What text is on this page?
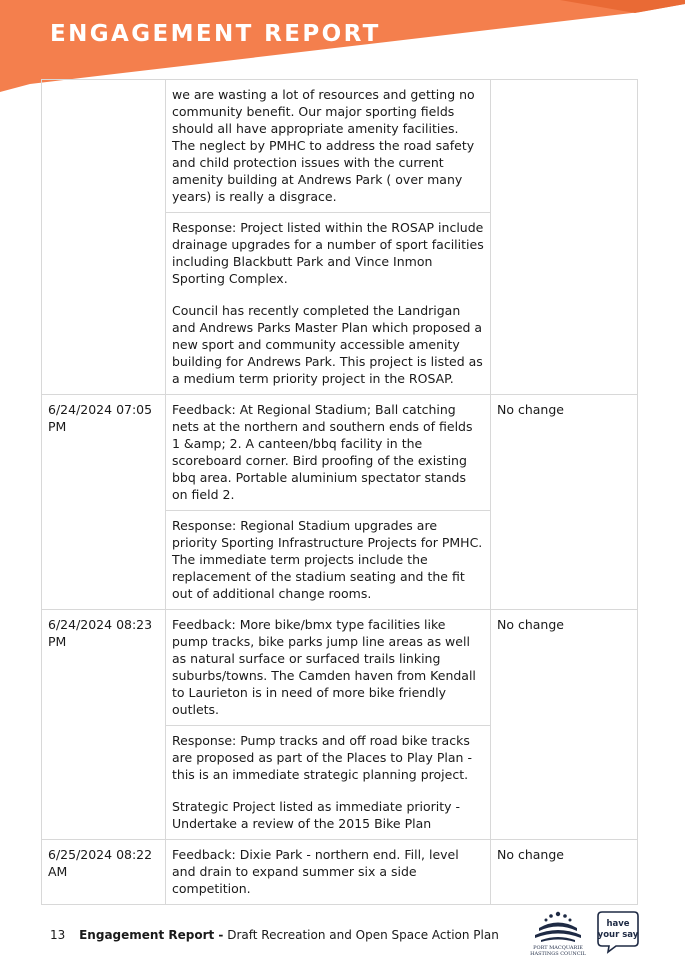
ENGAGEMENT REPORT

	we are wasting a lot of resources and getting no community benefit. Our major sporting fields should all have appropriate amenity facilities. The neglect by PMHC to address the road safety and child protection issues with the current amenity building at Andrews Park ( over many years) is really a disgrace.

Response: Project listed within the ROSAP include drainage upgrades for a number of sport facilities including Blackbutt Park and Vince Inmon Sporting Complex.

Council has recently completed the Landrigan and Andrews Parks Master Plan which proposed a new sport and community accessible amenity building for Andrews Park. This project is listed as a medium term priority project in the ROSAP.	

6/24/2024 07:05 PM	Feedback: At Regional Stadium; Ball catching nets at the northern and southern ends of fields 1 &amp; 2. A canteen/bbq facility in the scoreboard corner. Bird proofing of the existing bbq area. Portable aluminium spectator stands on field 2.

Response: Regional Stadium upgrades are priority Sporting Infrastructure Projects for PMHC. The immediate term projects include the replacement of the stadium seating and the fit out of additional change rooms.	No change

6/24/2024 08:23 PM	Feedback: More bike/bmx type facilities like pump tracks, bike parks jump line areas as well as natural surface or surfaced trails linking suburbs/towns. The Camden haven from Kendall to Laurieton is in need of more bike friendly outlets.

Response: Pump tracks and off road bike tracks are proposed as part of the Places to Play Plan - this is an immediate strategic planning project.

Strategic Project listed as immediate priority - Undertake a review of the 2015 Bike Plan	No change

6/25/2024 08:22 AM	Feedback: Dixie Park - northern end. Fill, level and drain to expand summer six a side competition.	No change
13 Engagement Report - Draft Recreation and Open Space Action Plan
PORT MACQUARIE
HASTINGS COUNCIL
have
your say
